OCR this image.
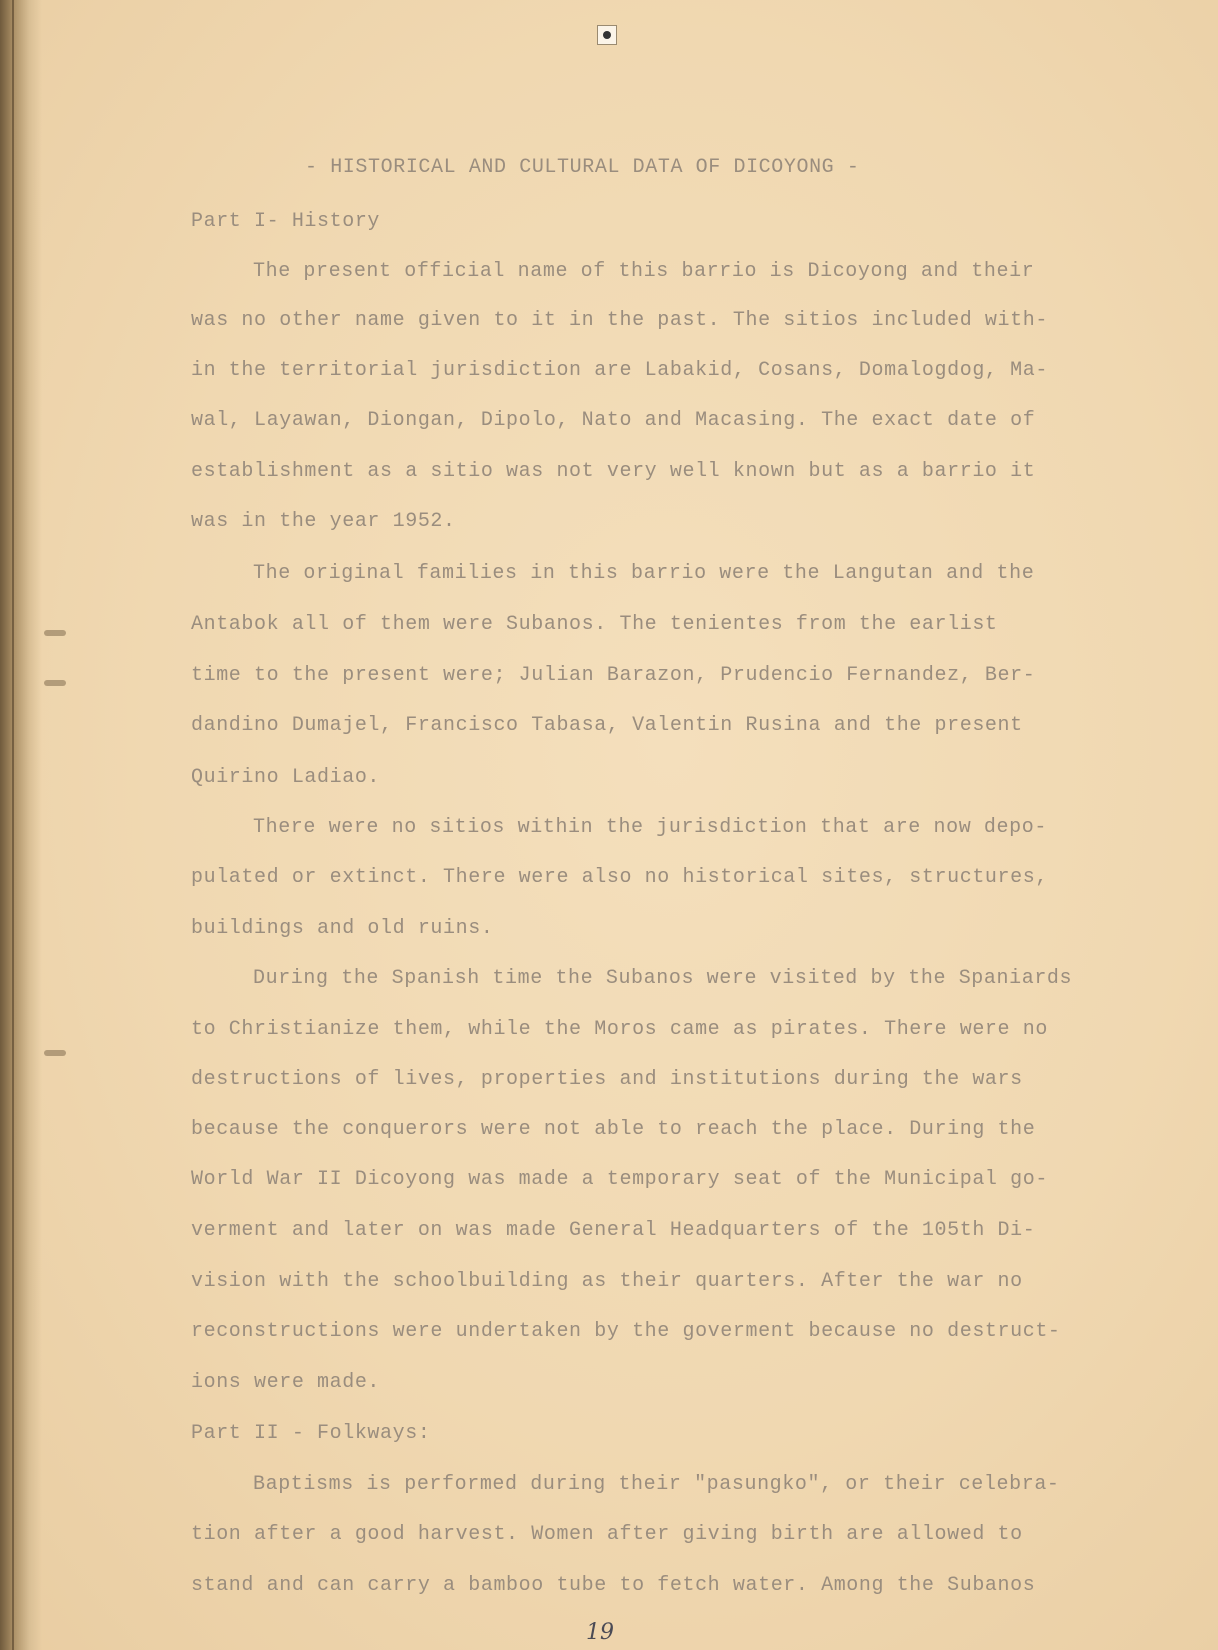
- HISTORICAL AND CULTURAL DATA OF DICOYONG -
Part I- History
The present official name of this barrio is Dicoyong and their
was no other name given to it in the past. The sitios included with-
in the territorial jurisdiction are Labakid, Cosans, Domalogdog, Ma-
wal, Layawan, Diongan, Dipolo, Nato and Macasing. The exact date of
establishment as a sitio was not very well known but as a barrio it
was in the year 1952.
The original families in this barrio were the Langutan and the
Antabok all of them were Subanos. The tenientes from the earlist
time to the present were; Julian Barazon, Prudencio Fernandez, Ber-
dandino Dumajel, Francisco Tabasa, Valentin Rusina and the present
Quirino Ladiao.
There were no sitios within the jurisdiction that are now depo-
pulated or extinct. There were also no historical sites, structures,
buildings and old ruins.
During the Spanish time the Subanos were visited by the Spaniards
to Christianize them, while the Moros came as pirates. There were no
destructions of lives, properties and institutions during the wars
because the conquerors were not able to reach the place. During the
World War II Dicoyong was made a temporary seat of the Municipal go-
verment and later on was made General Headquarters of the 105th Di-
vision with the schoolbuilding as their quarters. After the war no
reconstructions were undertaken by the goverment because no destruct-
ions were made.
Part II - Folkways:
Baptisms is performed during their "pasungko", or their celebra-
tion after a good harvest. Women after giving birth are allowed to
stand and can carry a bamboo tube to fetch water. Among the Subanos
19
